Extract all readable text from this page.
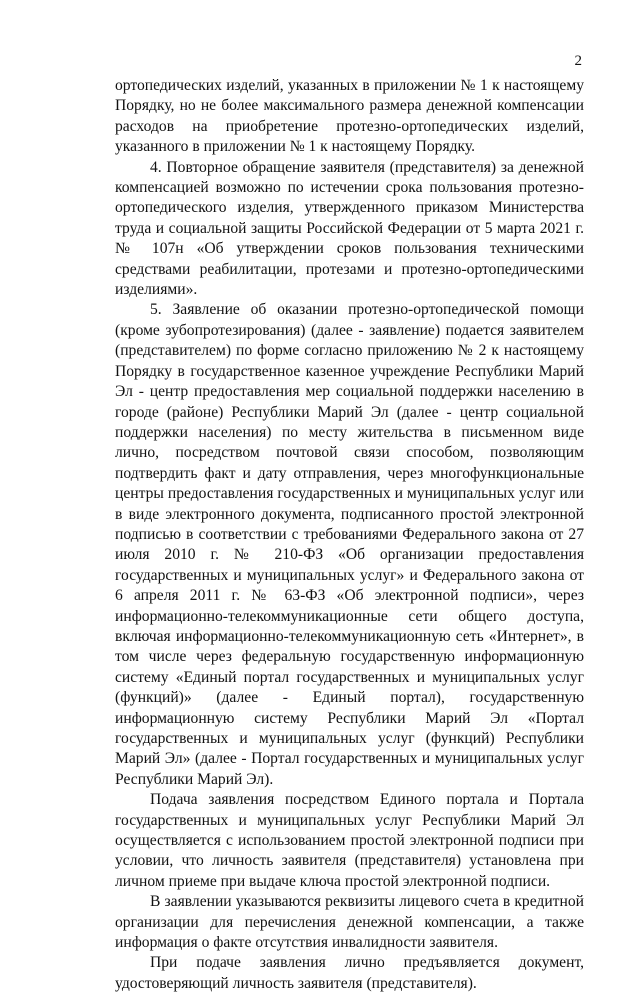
2

ортопедических изделий, указанных в приложении № 1 к настоящему Порядку, но не более максимального размера денежной компенсации расходов на приобретение протезно-ортопедических изделий, указанного в приложении № 1 к настоящему Порядку.

4. Повторное обращение заявителя (представителя) за денежной компенсацией возможно по истечении срока пользования протезно-ортопедического изделия, утвержденного приказом Министерства труда и социальной защиты Российской Федерации от 5 марта 2021 г. № 107н «Об утверждении сроков пользования техническими средствами реабилитации, протезами и протезно-ортопедическими изделиями».

5. Заявление об оказании протезно-ортопедической помощи (кроме зубопротезирования) (далее - заявление) подается заявителем (представителем) по форме согласно приложению № 2 к настоящему Порядку в государственное казенное учреждение Республики Марий Эл - центр предоставления мер социальной поддержки населению в городе (районе) Республики Марий Эл (далее - центр социальной поддержки населения) по месту жительства в письменном виде лично, посредством почтовой связи способом, позволяющим подтвердить факт и дату отправления, через многофункциональные центры предоставления государственных и муниципальных услуг или в виде электронного документа, подписанного простой электронной подписью в соответствии с требованиями Федерального закона от 27 июля 2010 г. № 210-ФЗ «Об организации предоставления государственных и муниципальных услуг» и Федерального закона от 6 апреля 2011 г. № 63-ФЗ «Об электронной подписи», через информационно-телекоммуникационные сети общего доступа, включая информационно-телекоммуникационную сеть «Интернет», в том числе через федеральную государственную информационную систему «Единый портал государственных и муниципальных услуг (функций)» (далее - Единый портал), государственную информационную систему Республики Марий Эл «Портал государственных и муниципальных услуг (функций) Республики Марий Эл» (далее - Портал государственных и муниципальных услуг Республики Марий Эл).

Подача заявления посредством Единого портала и Портала государственных и муниципальных услуг Республики Марий Эл осуществляется с использованием простой электронной подписи при условии, что личность заявителя (представителя) установлена при личном приеме при выдаче ключа простой электронной подписи.

В заявлении указываются реквизиты лицевого счета в кредитной организации для перечисления денежной компенсации, а также информация о факте отсутствия инвалидности заявителя.

При подаче заявления лично предъявляется документ, удостоверяющий личность заявителя (представителя).
